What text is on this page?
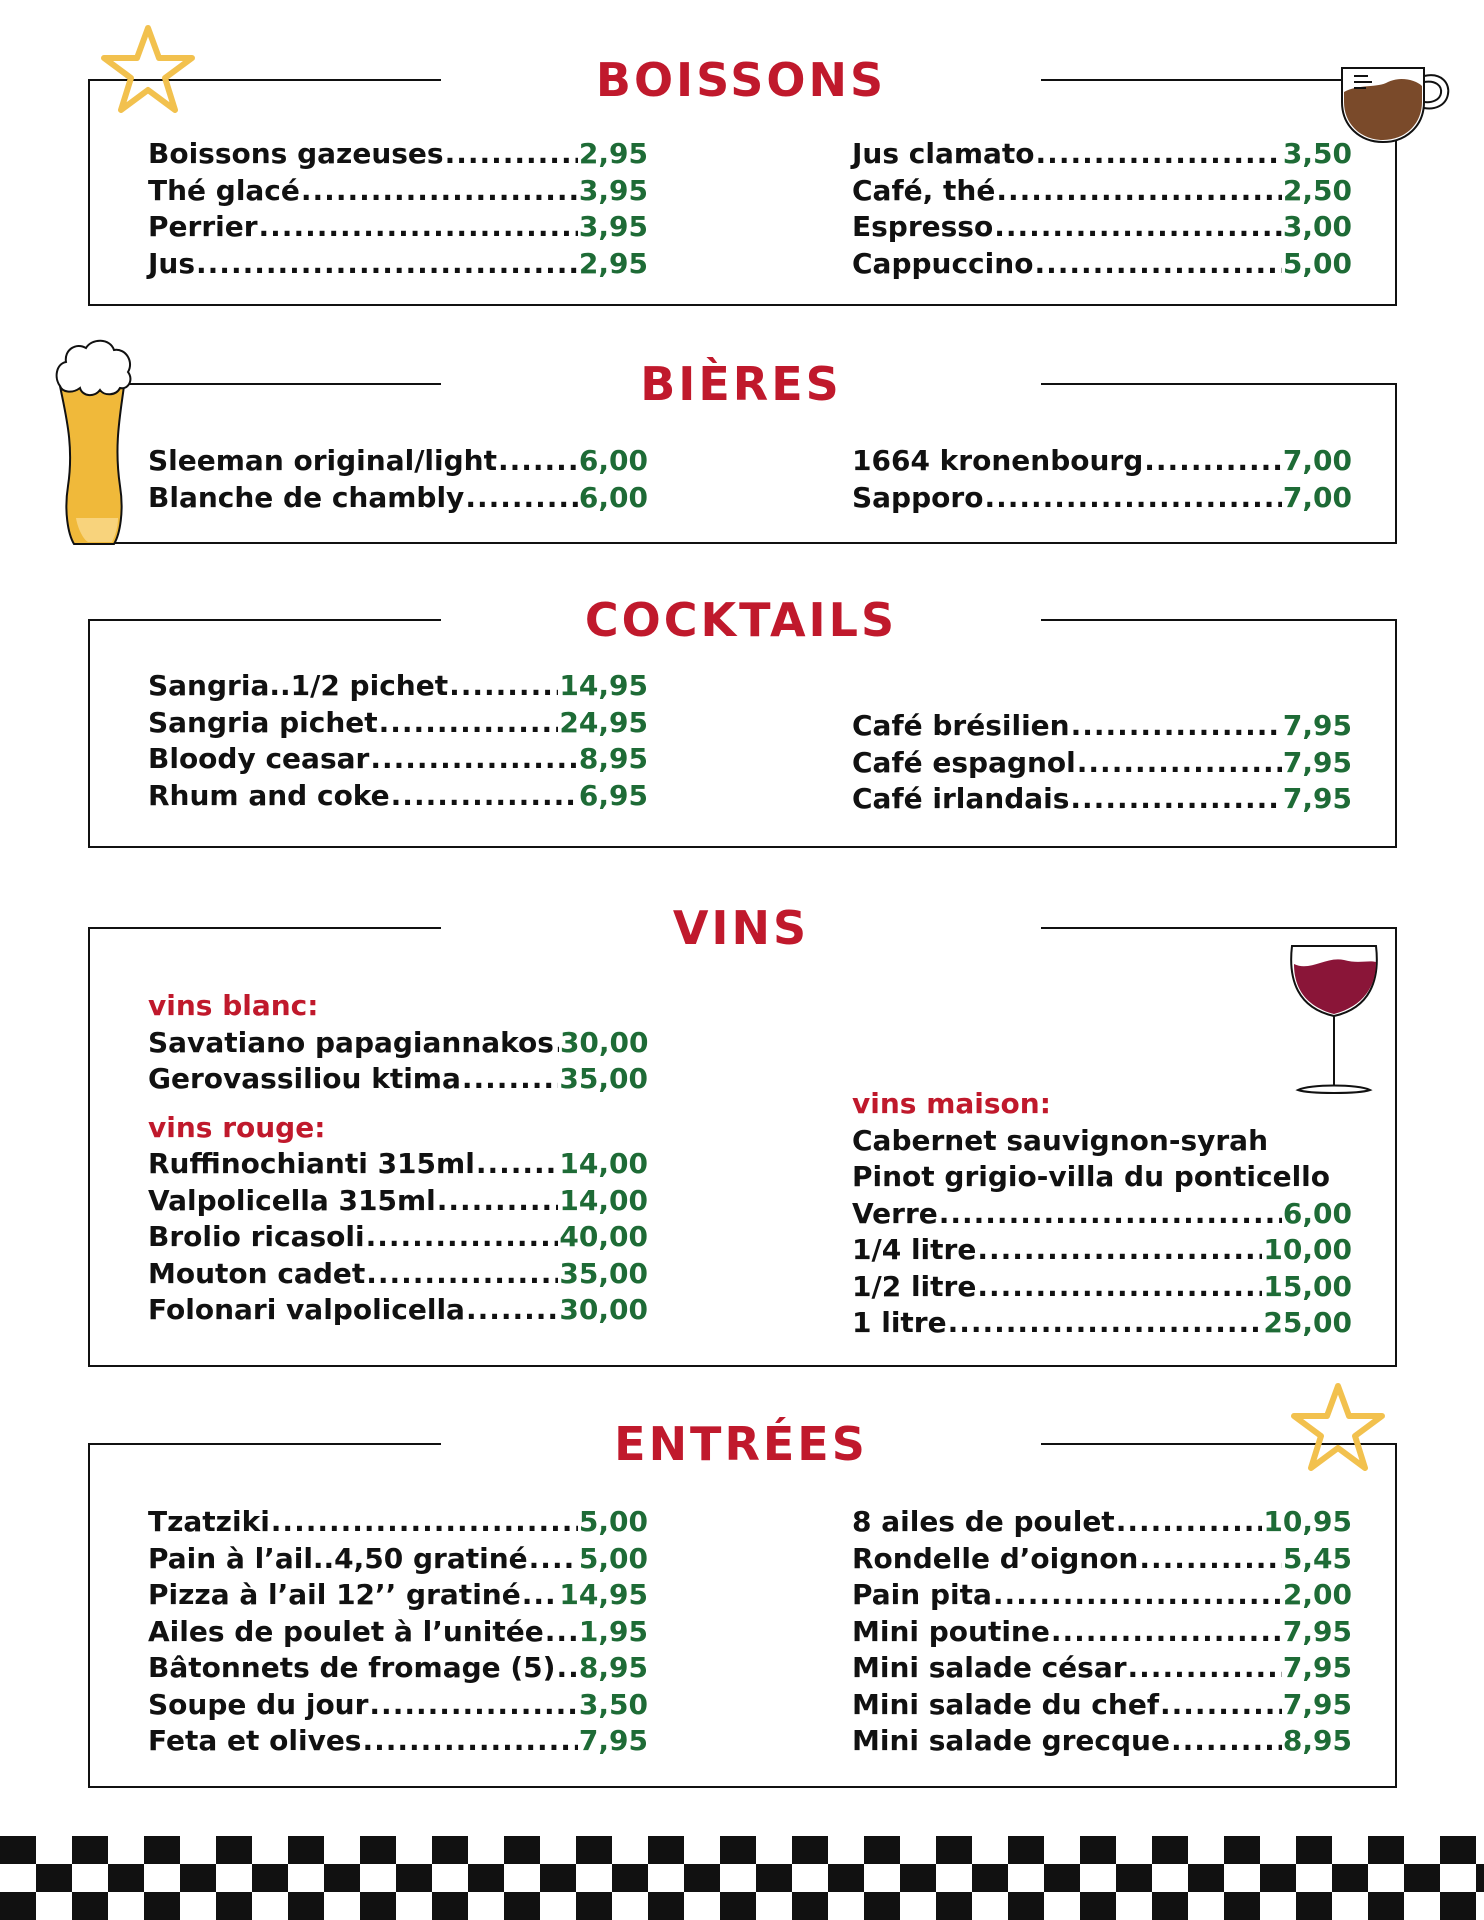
BOISSONS
Boissons gazeuses .....	2,95
Thé glacé .....	3,95
Perrier .....	3,95
Jus .....	2,95
Jus clamato .....	3,50
Café, thé .....	2,50
Espresso .....	3,00
Cappuccino .....	5,00
BIÈRES
Sleeman original/light .....	6,00
Blanche de chambly .....	6,00
1664 kronenbourg .....	7,00
Sapporo .....	7,00
COCKTAILS
Sangria..1/2 pichet .....	14,95
Sangria pichet .....	24,95
Bloody ceasar .....	8,95
Rhum and coke .....	6,95
Café brésilien .....	7,95
Café espagnol .....	7,95
Café irlandais .....	7,95
VINS
vins blanc:
Savatiano papagiannakos ..... 30,00
Gerovassiliou ktima .....	35,00
vins rouge:
Ruffinochianti 315ml .....	14,00
Valpolicella 315ml .....	14,00
Brolio ricasoli .....	40,00
Mouton cadet .....	35,00
Folonari valpolicella .....	30,00
vins maison:
Cabernet sauvignon-syrah
Pinot grigio-villa du ponticello
Verre .....	6,00
1/4 litre .....	10,00
1/2 litre .....	15,00
1 litre .....	25,00
ENTRÉES
Tzatziki .....	5,00
Pain à l’ail..4,50 gratiné ..... 5,00
Pizza à l’ail 12’’ gratiné ..... 14,95
Ailes de poulet à l’unitée ..... 1,95
Bâtonnets de fromage (5) ..... 8,95
Soupe du jour .....	3,50
Feta et olives .....	7,95
8 ailes de poulet .....	10,95
Rondelle d’oignon .....	5,45
Pain pita .....	2,00
Mini poutine .....	7,95
Mini salade césar .....	7,95
Mini salade du chef .....	7,95
Mini salade grecque .....	8,95
